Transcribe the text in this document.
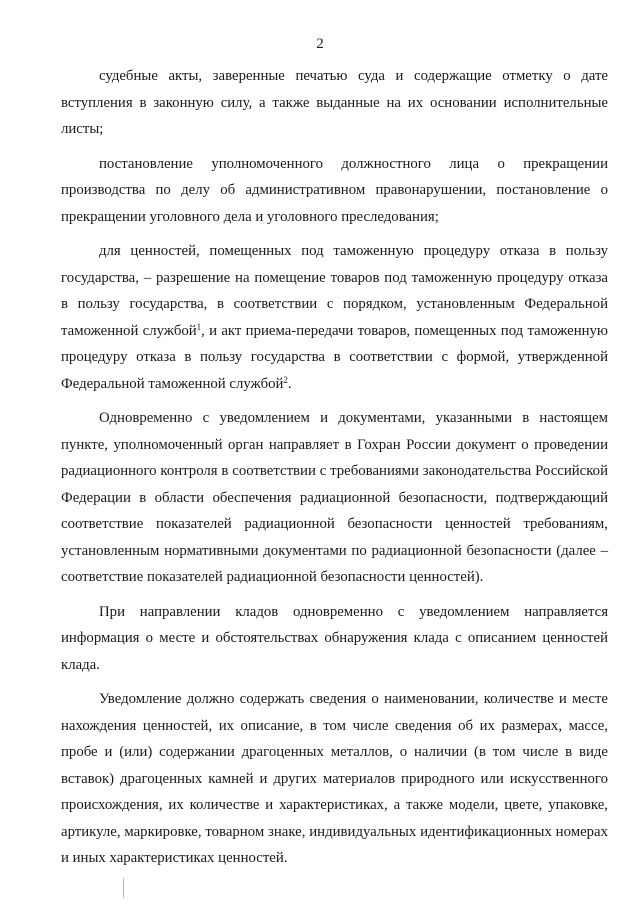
2

судебные акты, заверенные печатью суда и содержащие отметку о дате вступления в законную силу, а также выданные на их основании исполнительные листы;

постановление уполномоченного должностного лица о прекращении производства по делу об административном правонарушении, постановление о прекращении уголовного дела и уголовного преследования;

для ценностей, помещенных под таможенную процедуру отказа в пользу государства, – разрешение на помещение товаров под таможенную процедуру отказа в пользу государства, в соответствии с порядком, установленным Федеральной таможенной службой$^1$, и акт приема-передачи товаров, помещенных под таможенную процедуру отказа в пользу государства в соответствии с формой, утвержденной Федеральной таможенной службой$^2$.

Одновременно с уведомлением и документами, указанными в настоящем пункте, уполномоченный орган направляет в Гохран России документ о проведении радиационного контроля в соответствии с требованиями законодательства Российской Федерации в области обеспечения радиационной безопасности, подтверждающий соответствие показателей радиационной безопасности ценностей требованиям, установленным нормативными документами по радиационной безопасности (далее – соответствие показателей радиационной безопасности ценностей).

При направлении кладов одновременно с уведомлением направляется информация о месте и обстоятельствах обнаружения клада с описанием ценностей клада.

Уведомление должно содержать сведения о наименовании, количестве и месте нахождения ценностей, их описание, в том числе сведения об их размерах, массе, пробе и (или) содержании драгоценных металлов, о наличии (в том числе в виде вставок) драгоценных камней и других материалов природного или искусственного происхождения, их количестве и характеристиках, а также модели, цвете, упаковке, артикуле, маркировке, товарном знаке, индивидуальных идентификационных номерах и иных характеристиках ценностей.
